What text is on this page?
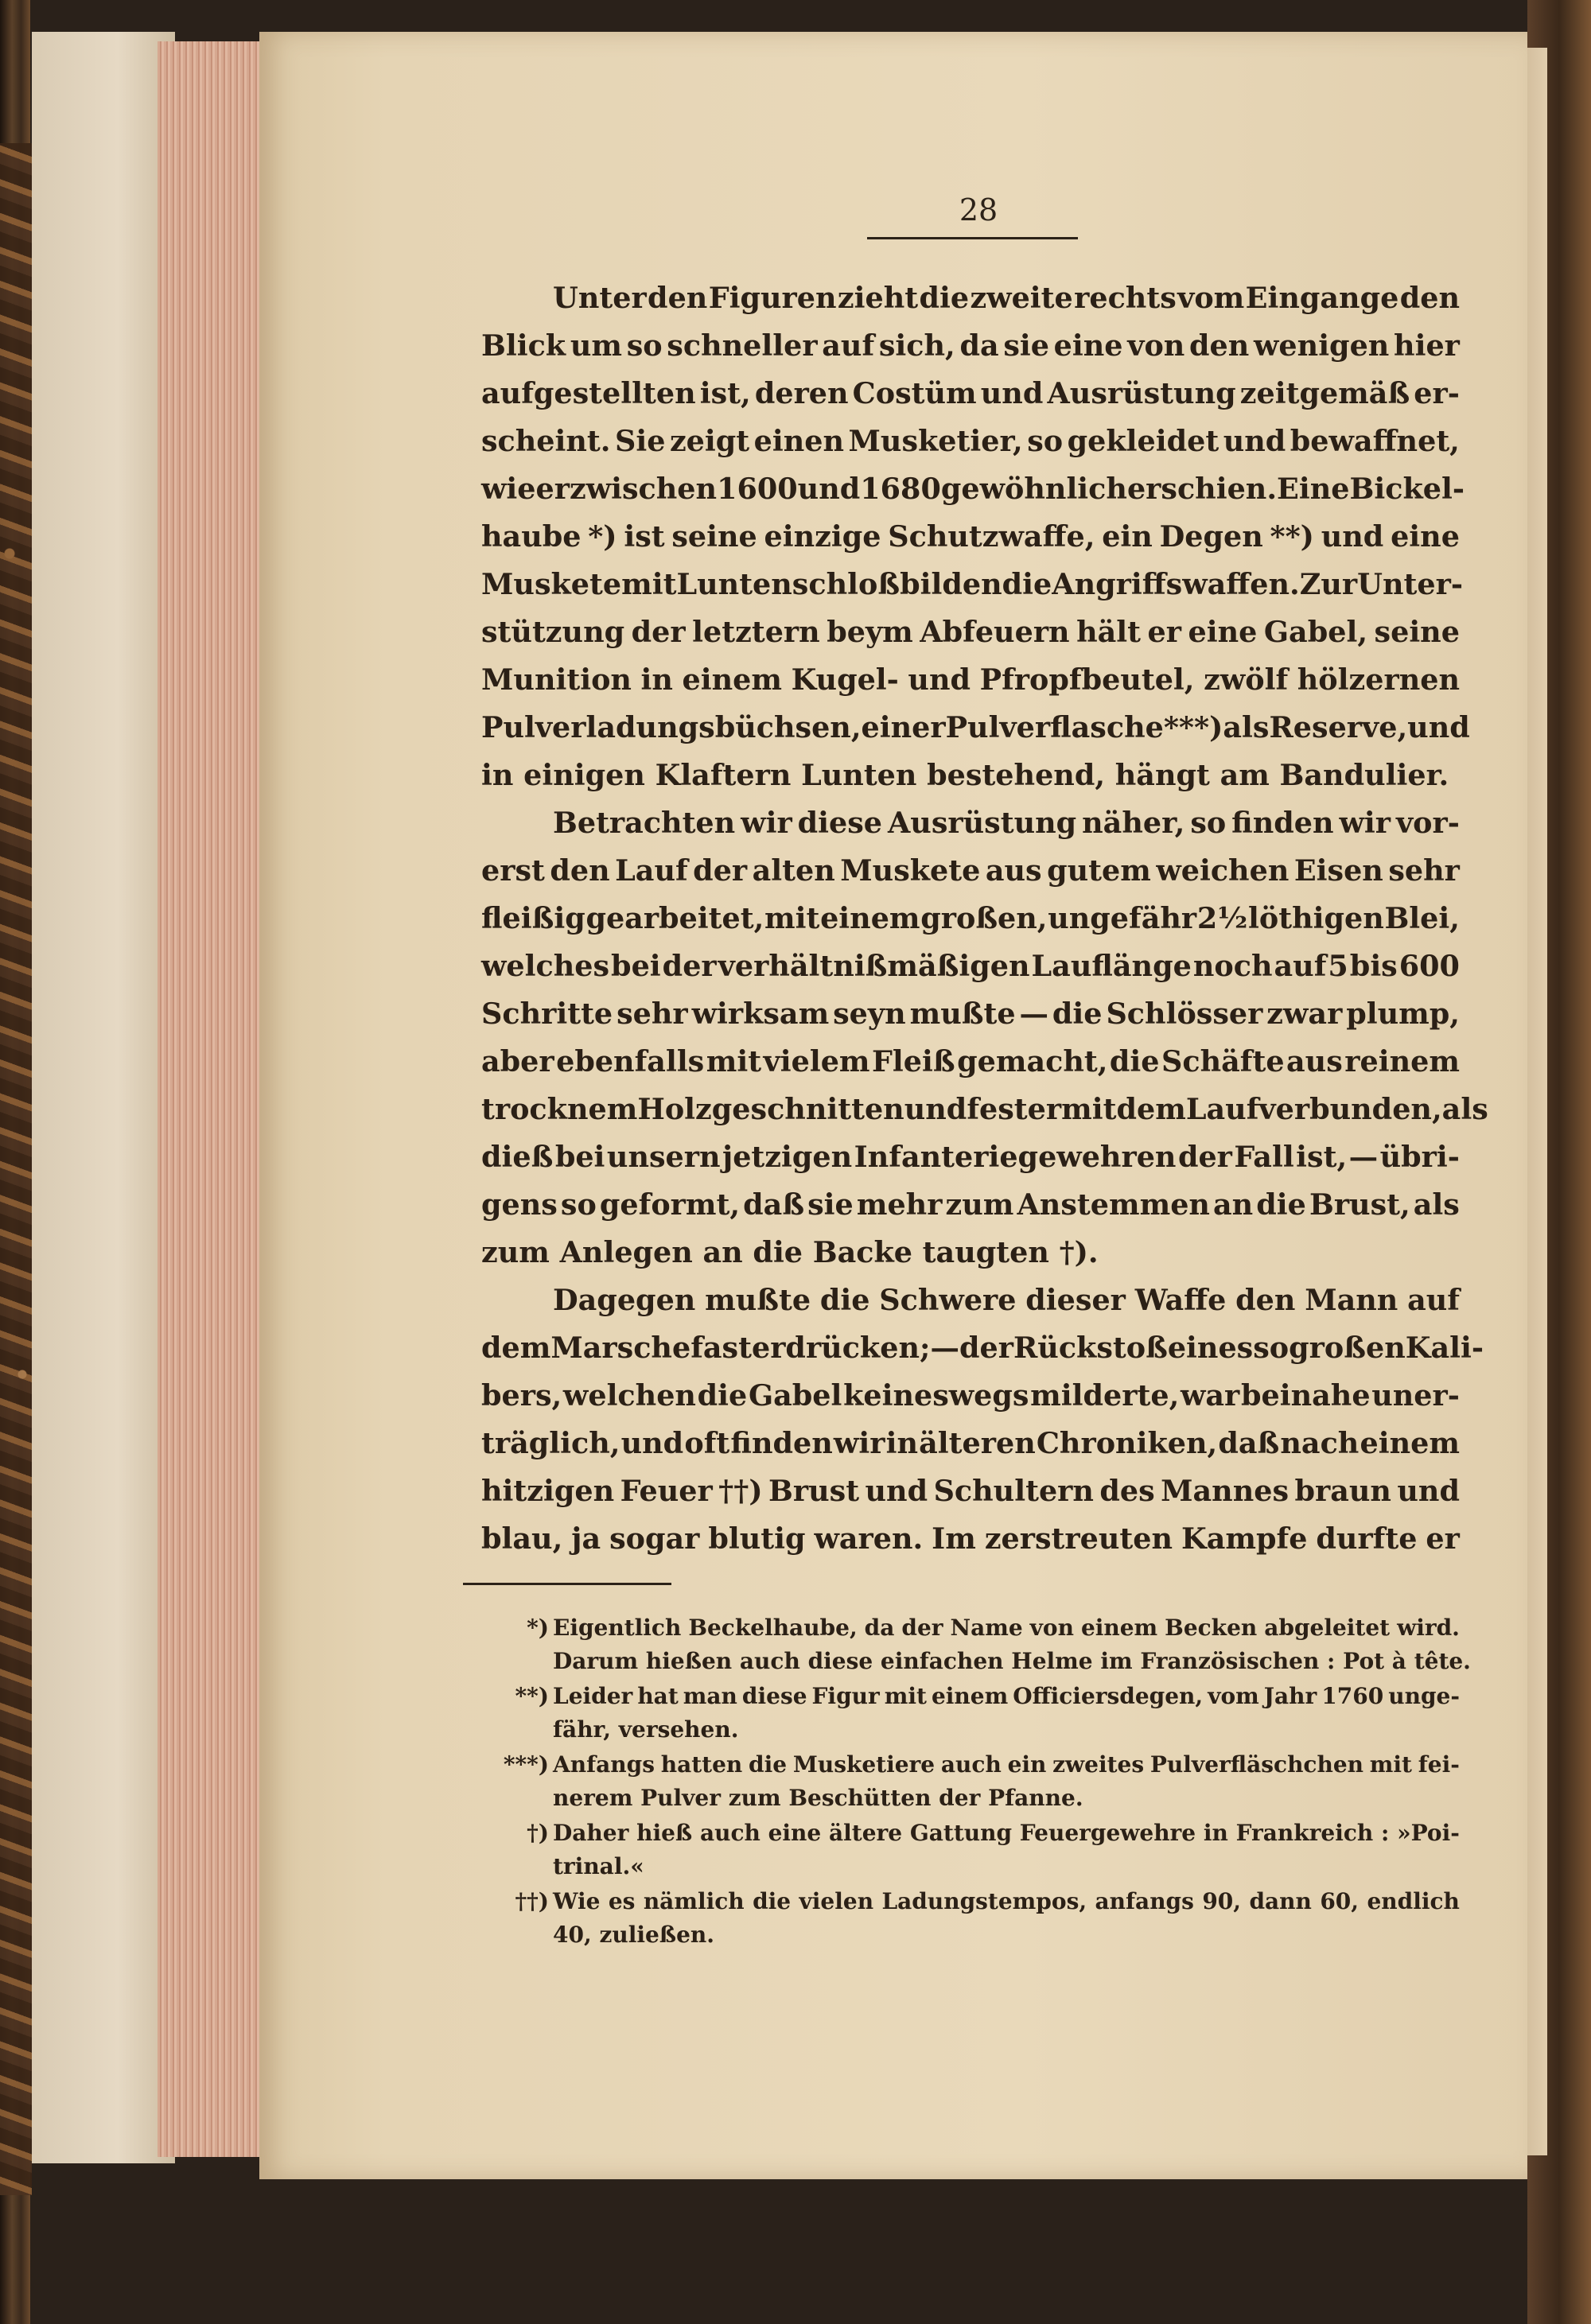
28
Unter den Figuren zieht die zweite rechts vom Eingange den
Blick um so schneller auf sich, da sie eine von den wenigen hier
aufgestellten ist, deren Costüm und Ausrüstung zeitgemäß er-
scheint. Sie zeigt einen Musketier, so gekleidet und bewaffnet,
wie er zwischen 1600 und 1680 gewöhnlich erschien. Eine Bickel-
haube *) ist seine einzige Schutzwaffe, ein Degen **) und eine
Muskete mit Luntenschloß bilden die Angriffswaffen. Zur Unter-
stützung der letztern beym Abfeuern hält er eine Gabel, seine
Munition in einem Kugel- und Pfropfbeutel, zwölf hölzernen
Pulverladungsbüchsen, einer Pulverflasche ***) als Reserve, und
in einigen Klaftern Lunten bestehend, hängt am Bandulier.
Betrachten wir diese Ausrüstung näher, so finden wir vor-
erst den Lauf der alten Muskete aus gutem weichen Eisen sehr
fleißig gearbeitet, mit einem großen, ungefähr 2½ löthigen Blei,
welches bei der verhältnißmäßigen Lauflänge noch auf 5 bis 600
Schritte sehr wirksam seyn mußte — die Schlösser zwar plump,
aber ebenfalls mit vielem Fleiß gemacht, die Schäfte aus reinem
trocknem Holz geschnitten und fester mit dem Lauf verbunden, als
dieß bei unsern jetzigen Infanteriegewehren der Fall ist, — übri-
gens so geformt, daß sie mehr zum Anstemmen an die Brust, als
zum Anlegen an die Backe taugten †).
Dagegen mußte die Schwere dieser Waffe den Mann auf
dem Marsche fast erdrücken; — der Rückstoß eines so großen Kali-
bers, welchen die Gabel keineswegs milderte, war beinahe uner-
träglich, und oft finden wir in älteren Chroniken, daß nach einem
hitzigen Feuer ††) Brust und Schultern des Mannes braun und
blau, ja sogar blutig waren. Im zerstreuten Kampfe durfte er
*) Eigentlich Beckelhaube, da der Name von einem Becken abgeleitet wird.
Darum hießen auch diese einfachen Helme im Französischen : Pot à tête.
**) Leider hat man diese Figur mit einem Officiersdegen, vom Jahr 1760 unge-
fähr, versehen.
***) Anfangs hatten die Musketiere auch ein zweites Pulverfläschchen mit fei-
nerem Pulver zum Beschütten der Pfanne.
†) Daher hieß auch eine ältere Gattung Feuergewehre in Frankreich : »Poi-
trinal.«
††) Wie es nämlich die vielen Ladungstempos, anfangs 90, dann 60, endlich
40, zuließen.
